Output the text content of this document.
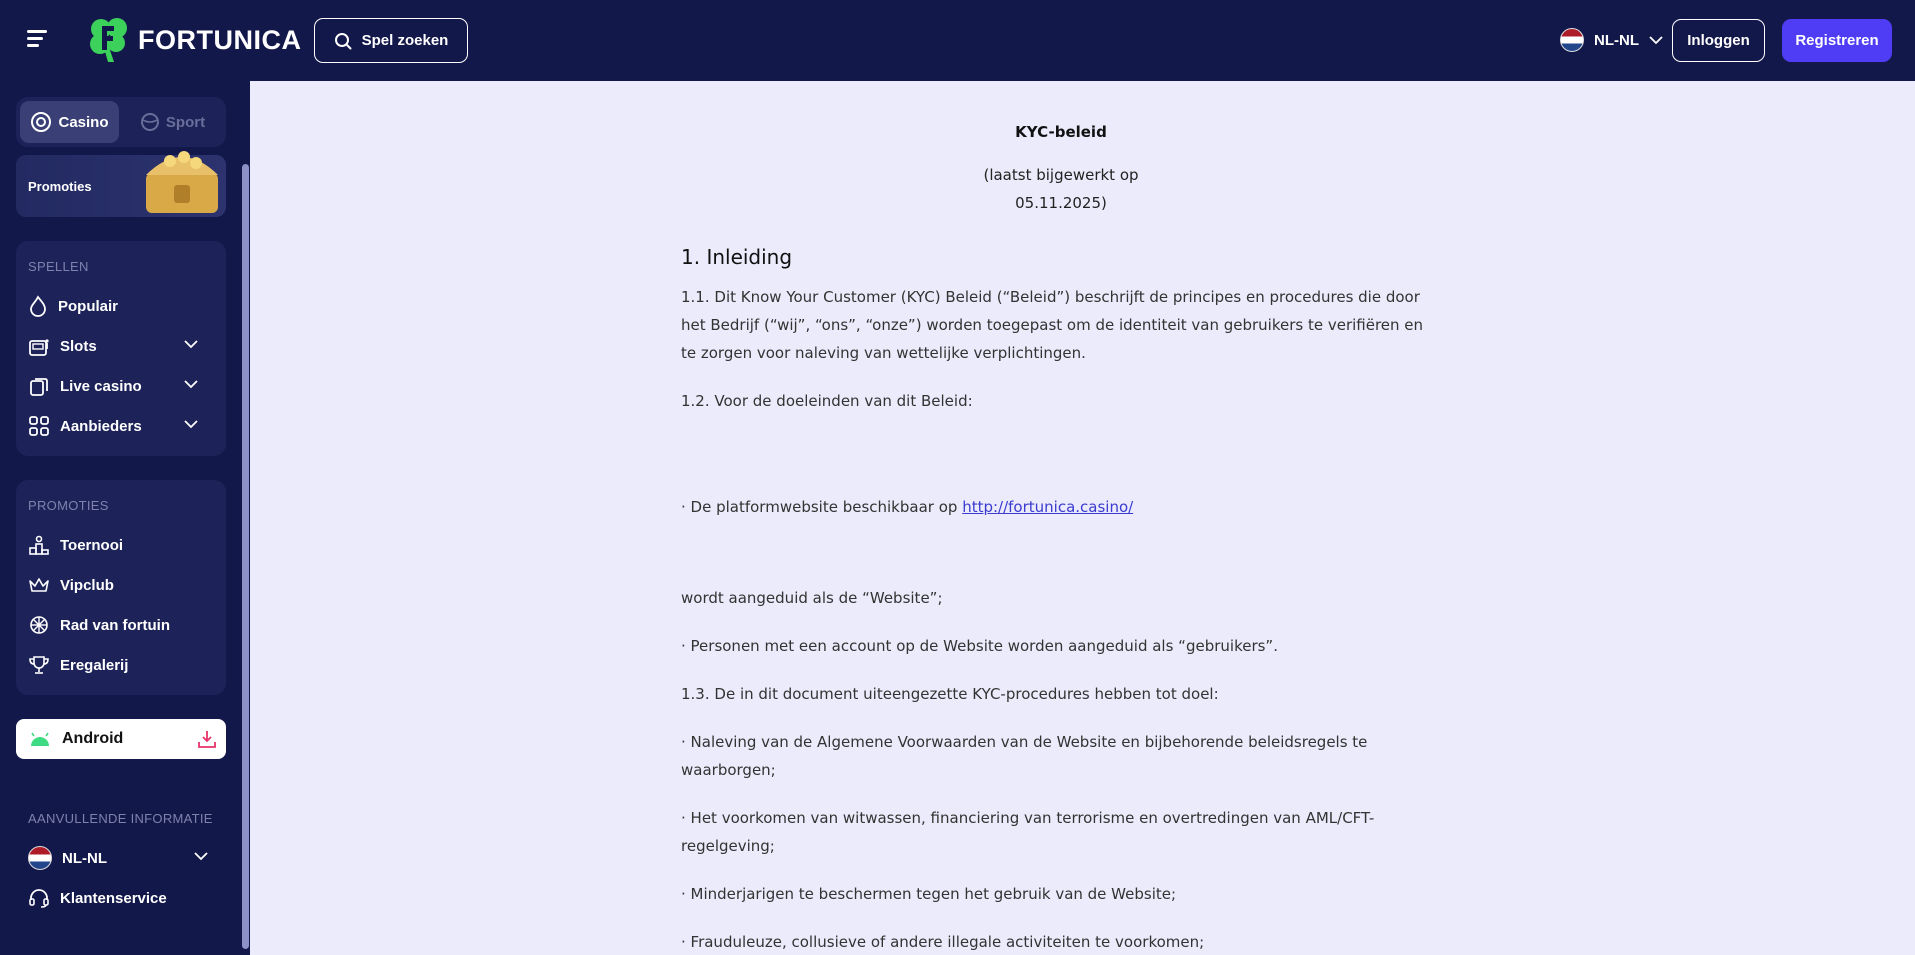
FORTUNICA	Spel zoeken	NL-NL	Inloggen	Registreren
Casino	Sport
Promoties
SPELLEN
Populair
Slots
Live casino
Aanbieders
PROMOTIES
Toernooi
Vipclub
Rad van fortuin
Eregalerij
Android
AANVULLENDE INFORMATIE
NL-NL
Klantenservice
KYC-beleid
(laatst bijgewerkt op
05.11.2025)
1. Inleiding
1.1. Dit Know Your Customer (KYC) Beleid (“Beleid”) beschrijft de principes en procedures die door het Bedrijf (“wij”, “ons”, “onze”) worden toegepast om de identiteit van gebruikers te verifiëren en te zorgen voor naleving van wettelijke verplichtingen.
1.2. Voor de doeleinden van dit Beleid:
· De platformwebsite beschikbaar op http://fortunica.casino/
wordt aangeduid als de “Website”;
· Personen met een account op de Website worden aangeduid als “gebruikers”.
1.3. De in dit document uiteengezette KYC-procedures hebben tot doel:
· Naleving van de Algemene Voorwaarden van de Website en bijbehorende beleidsregels te waarborgen;
· Het voorkomen van witwassen, financiering van terrorisme en overtredingen van AML/CFT-regelgeving;
· Minderjarigen te beschermen tegen het gebruik van de Website;
· Frauduleuze, collusieve of andere illegale activiteiten te voorkomen;
